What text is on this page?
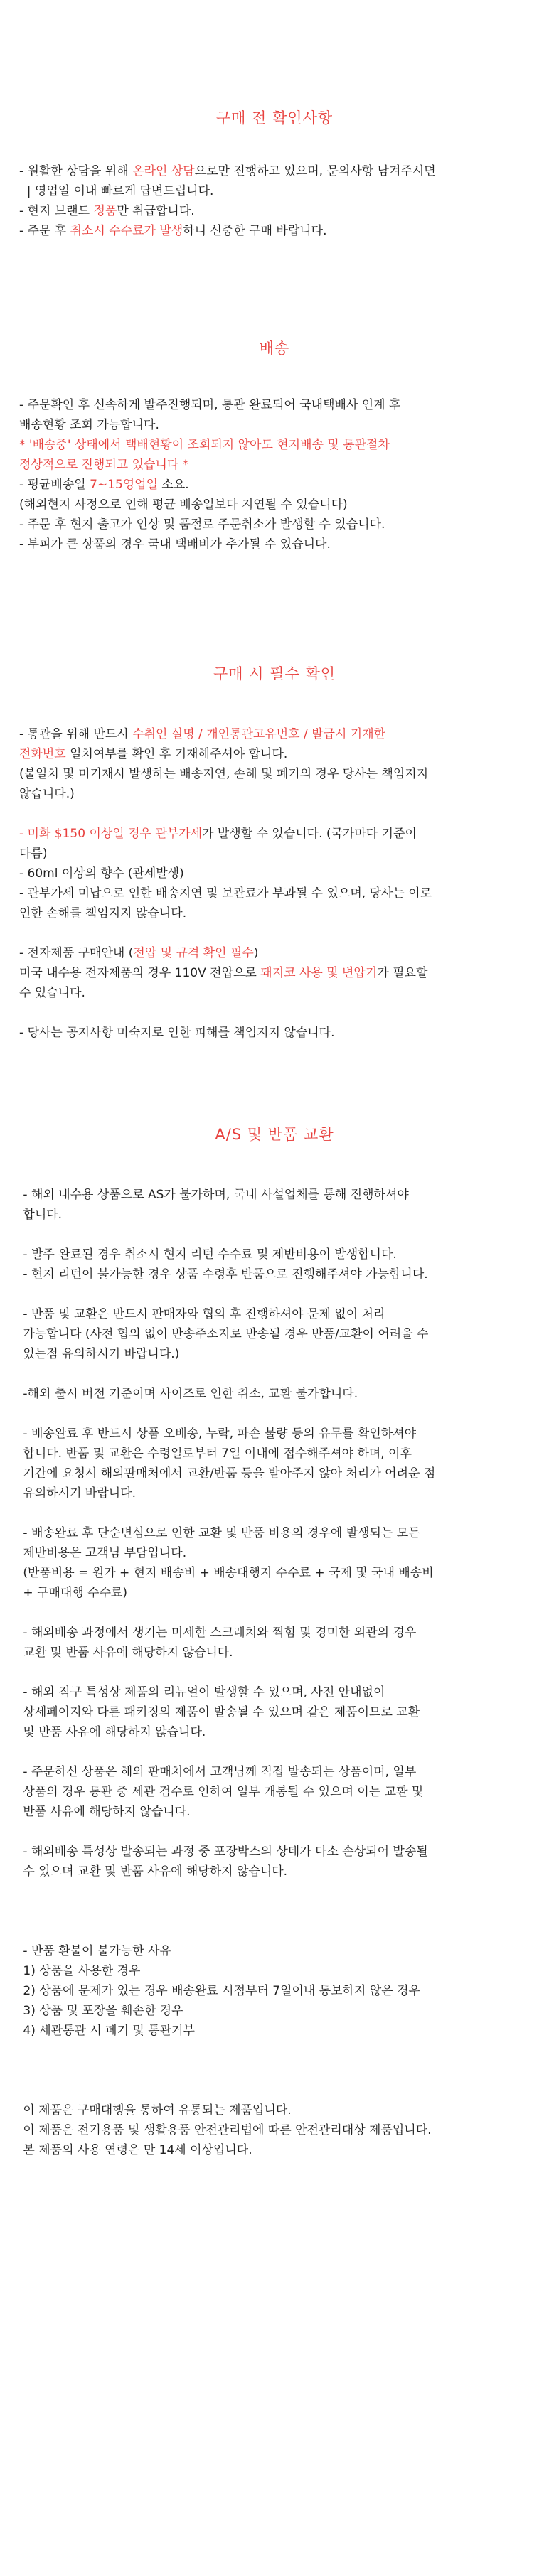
구매 전 확인사항
- 원활한 상담을 위해 온라인 상담으로만 진행하고 있으며, 문의사항 남겨주시면
| 영업일 이내 빠르게 답변드립니다.
- 현지 브랜드 정품만 취급합니다.
- 주문 후 취소시 수수료가 발생하니 신중한 구매 바랍니다.
배송
- 주문확인 후 신속하게 발주진행되며, 통관 완료되어 국내택배사 인계 후
배송현황 조회 가능합니다.
* '배송중' 상태에서 택배현황이 조회되지 않아도 현지배송 및 통관절차
정상적으로 진행되고 있습니다 *
- 평균배송일 7~15영업일 소요.
(해외현지 사정으로 인해 평균 배송일보다 지연될 수 있습니다)
- 주문 후 현지 출고가 인상 및 품절로 주문취소가 발생할 수 있습니다.
- 부피가 큰 상품의 경우 국내 택배비가 추가될 수 있습니다.
구매 시 필수 확인
- 통관을 위해 반드시 수취인 실명 / 개인통관고유번호 / 발급시 기재한
전화번호 일치여부를 확인 후 기재해주셔야 합니다.
(불일치 및 미기재시 발생하는 배송지연, 손해 및 폐기의 경우 당사는 책임지지
않습니다.)
- 미화 $150 이상일 경우 관부가세가 발생할 수 있습니다. (국가마다 기준이
다름)
- 60ml 이상의 향수 (관세발생)
- 관부가세 미납으로 인한 배송지연 및 보관료가 부과될 수 있으며, 당사는 이로
인한 손해를 책임지지 않습니다.
- 전자제품 구매안내 (전압 및 규격 확인 필수)
미국 내수용 전자제품의 경우 110V 전압으로 돼지코 사용 및 변압기가 필요할
수 있습니다.
- 당사는 공지사항 미숙지로 인한 피해를 책임지지 않습니다.
A/S 및 반품 교환
- 해외 내수용 상품으로 AS가 불가하며, 국내 사설업체를 통해 진행하셔야
합니다.
- 발주 완료된 경우 취소시 현지 리턴 수수료 및 제반비용이 발생합니다.
- 현지 리턴이 불가능한 경우 상품 수령후 반품으로 진행해주셔야 가능합니다.
- 반품 및 교환은 반드시 판매자와 협의 후 진행하셔야 문제 없이 처리
가능합니다 (사전 협의 없이 반송주소지로 반송될 경우 반품/교환이 어려울 수
있는점 유의하시기 바랍니다.)
-해외 출시 버전 기준이며 사이즈로 인한 취소, 교환 불가합니다.
- 배송완료 후 반드시 상품 오배송, 누락, 파손 불량 등의 유무를 확인하셔야
합니다. 반품 및 교환은 수령일로부터 7일 이내에 접수해주셔야 하며, 이후
기간에 요청시 해외판매처에서 교환/반품 등을 받아주지 않아 처리가 어려운 점
유의하시기 바랍니다.
- 배송완료 후 단순변심으로 인한 교환 및 반품 비용의 경우에 발생되는 모든
제반비용은 고객님 부담입니다.
(반품비용 = 원가 + 현지 배송비 + 배송대행지 수수료 + 국제 및 국내 배송비
+ 구매대행 수수료)
- 해외배송 과정에서 생기는 미세한 스크레치와 찍힘 및 경미한 외관의 경우
교환 및 반품 사유에 해당하지 않습니다.
- 해외 직구 특성상 제품의 리뉴얼이 발생할 수 있으며, 사전 안내없이
상세페이지와 다른 패키징의 제품이 발송될 수 있으며 같은 제품이므로 교환
및 반품 사유에 해당하지 않습니다.
- 주문하신 상품은 해외 판매처에서 고객님께 직접 발송되는 상품이며, 일부
상품의 경우 통관 중 세관 검수로 인하여 일부 개봉될 수 있으며 이는 교환 및
반품 사유에 해당하지 않습니다.
- 해외배송 특성상 발송되는 과정 중 포장박스의 상태가 다소 손상되어 발송될
수 있으며 교환 및 반품 사유에 해당하지 않습니다.
- 반품 환불이 불가능한 사유
1) 상품을 사용한 경우
2) 상품에 문제가 있는 경우 배송완료 시점부터 7일이내 통보하지 않은 경우
3) 상품 및 포장을 훼손한 경우
4) 세관통관 시 폐기 및 통관거부
이 제품은 구매대행을 통하여 유통되는 제품입니다.
이 제품은 전기용품 및 생활용품 안전관리법에 따른 안전관리대상 제품입니다.
본 제품의 사용 연령은 만 14세 이상입니다.
